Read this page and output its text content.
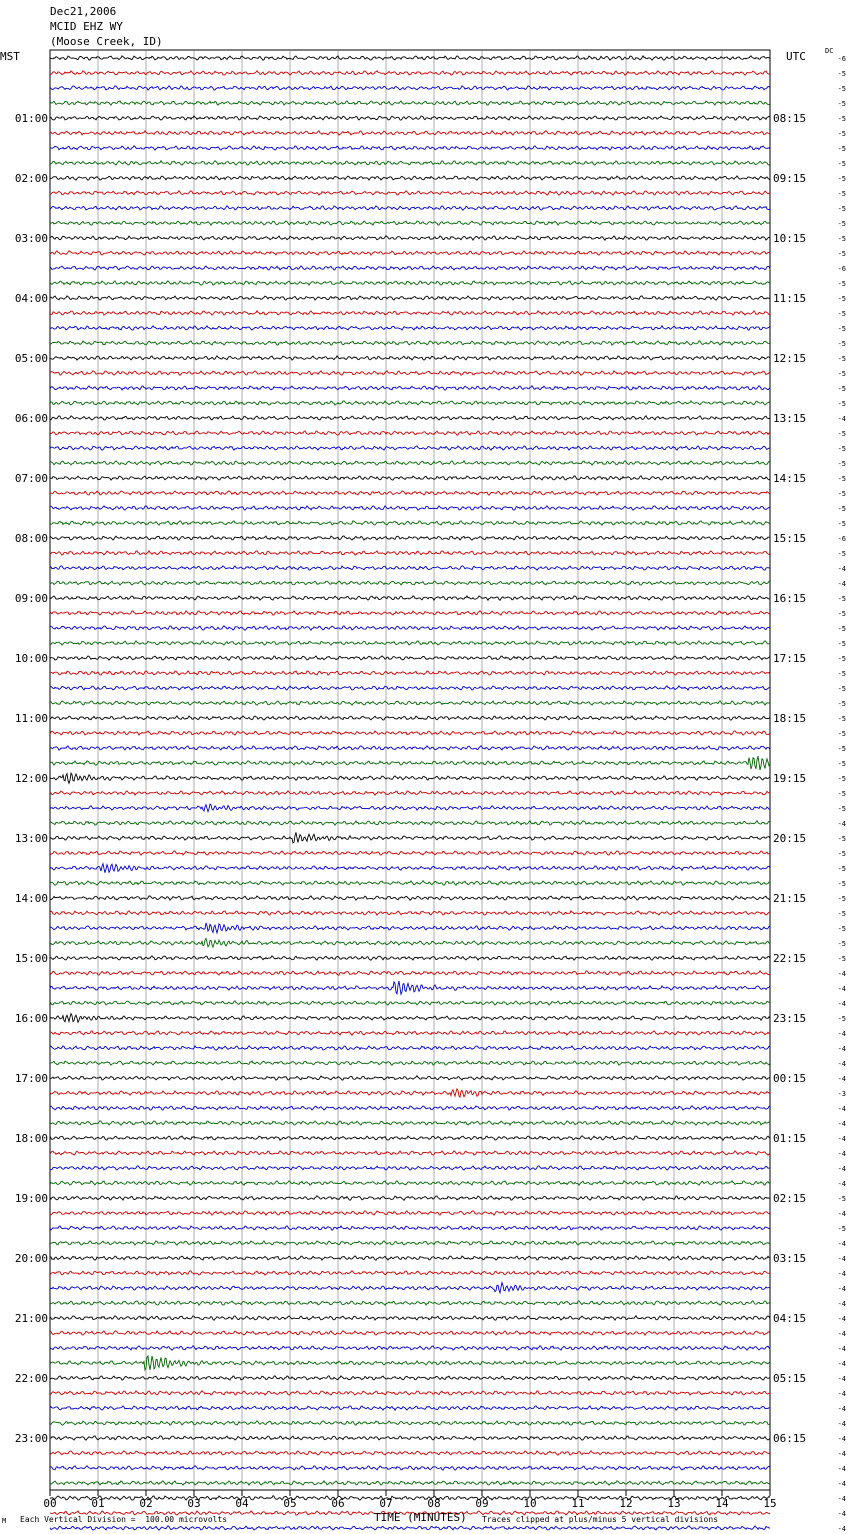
Dec21,2006
MCID EHZ WY
(Moose Creek, ID)
MST	UTC	DC
01:00
02:00
03:00
04:00
05:00
06:00
07:00
08:00
09:00
10:00
11:00
12:00
13:00
14:00
15:00
16:00
17:00
18:00
19:00
20:00
21:00
22:00
23:00
08:15
09:15
10:15
11:15
12:15
13:15
14:15
15:15
16:15
17:15
18:15
19:15
20:15
21:15
22:15
23:15
00:15
01:15
02:15
03:15
04:15
05:15
06:15
-6
-5
-5
-5
-5
-5
-5
-5
-5
-5
-5
-5
-5
-5
-6
-5
-5
-5
-5
-5
-5
-5
-5
-5
-4
-5
-5
-5
-5
-5
-5
-5
-6
-5
-4
-4
-5
-5
-5
-5
-5
-5
-5
-5
-5
-5
-5
-5
-5
-5
-5
-4
-5
-5
-5
-5
-5
-5
-5
-5
-5
-4
-4
-4
-5
-4
-4
-4
-4
-3
-4
-4
-4
-4
-4
-4
-5
-4
-5
-4
-4
-4
-4
-4
-4
-4
-4
-4
-4
-4
-4
-4
-4
-4
-4
-4
-4
-4
-4
00	01	02	03	04	05	06	07	08	09	10	11	12	13	14	15
M Each Vertical Division =  100.00 microvolts	TIME (MINUTES) Traces clipped at plus/minus 5 vertical divisions
